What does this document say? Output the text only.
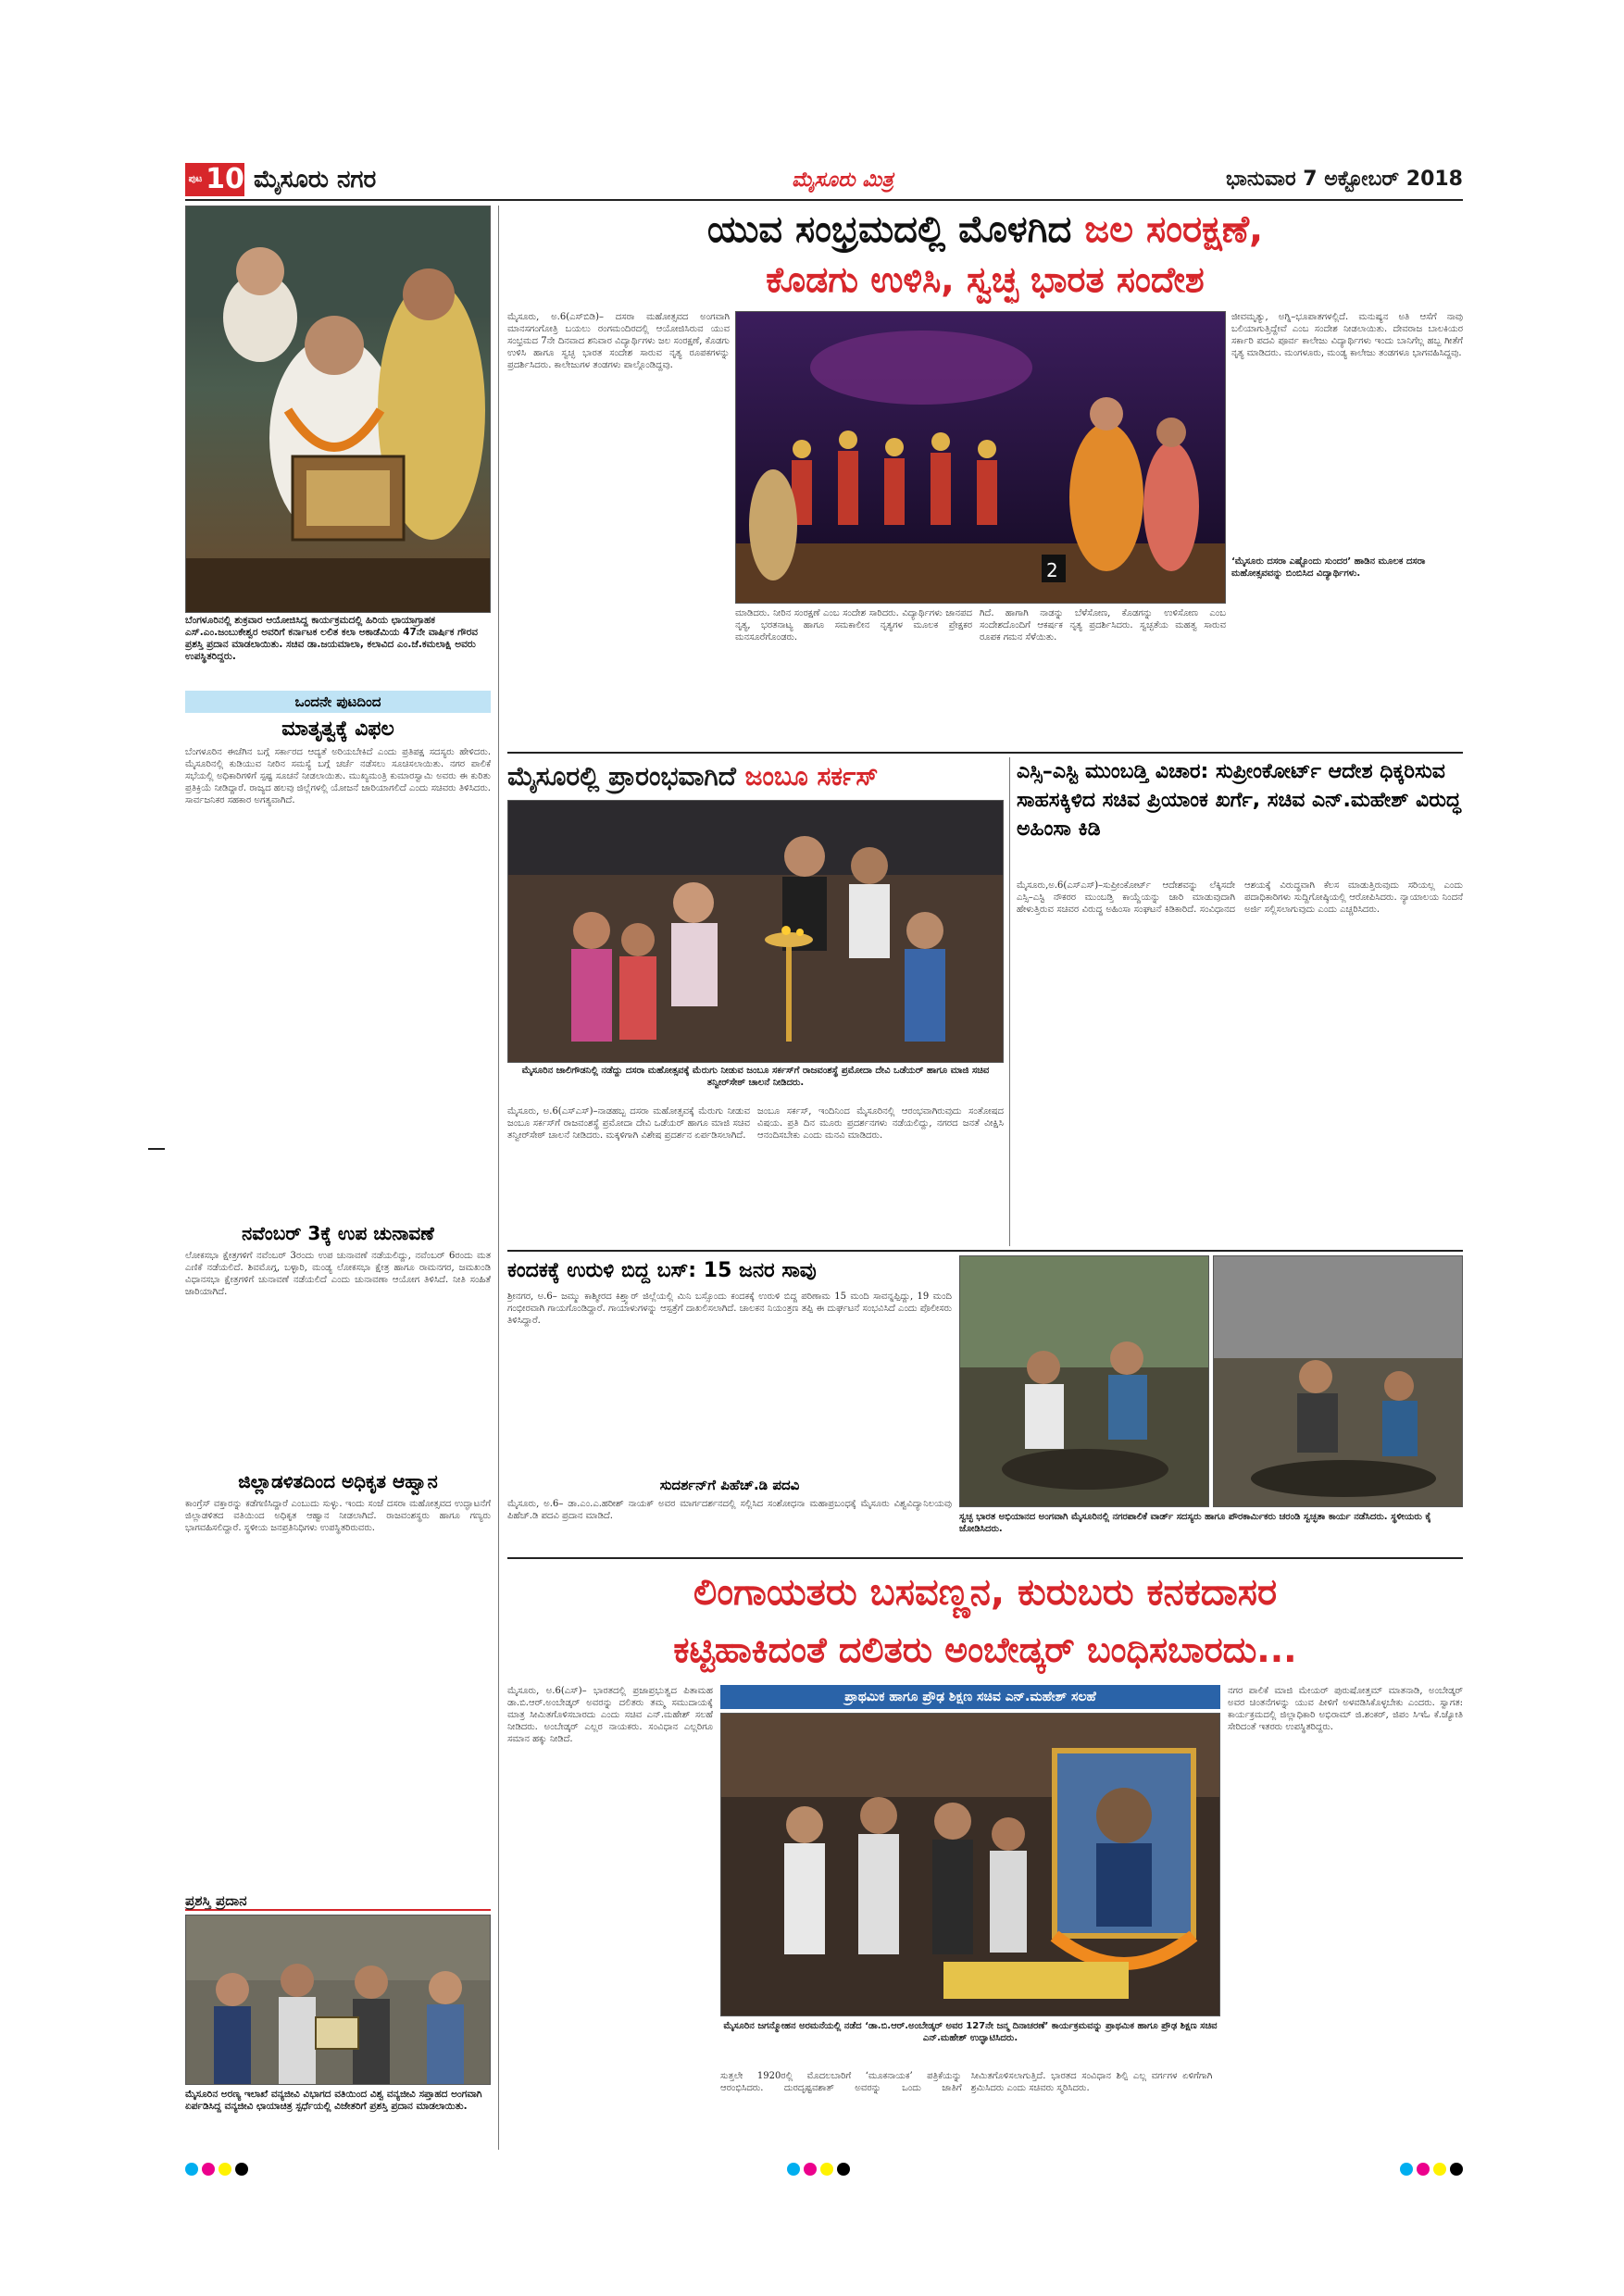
ಪುಟ 10 ಮೈಸೂರು ನಗರ	ಮೈಸೂರು ಮಿತ್ರ	ಭಾನುವಾರ 7 ಅಕ್ಟೋಬರ್ 2018
ಬೆಂಗಳೂರಿನಲ್ಲಿ ಶುಕ್ರವಾರ ಆಯೋಜಿಸಿದ್ದ ಕಾರ್ಯಕ್ರಮದಲ್ಲಿ ಹಿರಿಯ ಛಾಯಾಗ್ರಾಹಕ ಎಸ್.ಎಂ.ಜಂಬುಕೇಶ್ವರ ಅವರಿಗೆ ಕರ್ನಾಟಕ ಲಲಿತ ಕಲಾ ಅಕಾಡೆಮಿಯ 47ನೇ ವಾರ್ಷಿಕ ಗೌರವ ಪ್ರಶಸ್ತಿ ಪ್ರದಾನ ಮಾಡಲಾಯಿತು. ಸಚಿವ ಡಾ.ಜಯಮಾಲಾ, ಕಲಾವಿದ ಎಂ.ಜೆ.ಕಮಲಾಕ್ಷಿ ಅವರು ಉಪಸ್ಥಿತರಿದ್ದರು.
ಒಂದನೇ ಪುಟದಿಂದ
ಮಾತೃತ್ವಕ್ಕೆ ವಿಫಲ
ಬೆಂಗಳೂರಿನ ಈಚೆಗಿನ ಬಗ್ಗೆ ಸರ್ಕಾರದ ಆದ್ಯತೆ ಅರಿಯಬೇಕಿದೆ ಎಂದು ಪ್ರತಿಪಕ್ಷ ಸದಸ್ಯರು ಹೇಳಿದರು. ಮೈಸೂರಿನಲ್ಲಿ ಕುಡಿಯುವ ನೀರಿನ ಸಮಸ್ಯೆ ಬಗ್ಗೆ ಚರ್ಚೆ ನಡೆಸಲು ಸೂಚಿಸಲಾಯಿತು. ನಗರ ಪಾಲಿಕೆ ಸಭೆಯಲ್ಲಿ ಅಧಿಕಾರಿಗಳಿಗೆ ಸ್ಪಷ್ಟ ಸೂಚನೆ ನೀಡಲಾಯಿತು. ಮುಖ್ಯಮಂತ್ರಿ ಕುಮಾರಸ್ವಾಮಿ ಅವರು ಈ ಕುರಿತು ಪ್ರತಿಕ್ರಿಯೆ ನೀಡಿದ್ದಾರೆ. ರಾಜ್ಯದ ಹಲವು ಜಿಲ್ಲೆಗಳಲ್ಲಿ ಯೋಜನೆ ಜಾರಿಯಾಗಲಿದೆ ಎಂದು ಸಚಿವರು ತಿಳಿಸಿದರು. ಸಾರ್ವಜನಿಕರ ಸಹಕಾರ ಅಗತ್ಯವಾಗಿದೆ.
ನವೆಂಬರ್ 3ಕ್ಕೆ ಉಪ ಚುನಾವಣೆ
ಲೋಕಸಭಾ ಕ್ಷೇತ್ರಗಳಿಗೆ ನವೆಂಬರ್ 3ರಂದು ಉಪ ಚುನಾವಣೆ ನಡೆಯಲಿದ್ದು, ನವೆಂಬರ್ 6ರಂದು ಮತ ಎಣಿಕೆ ನಡೆಯಲಿದೆ. ಶಿವಮೊಗ್ಗ, ಬಳ್ಳಾರಿ, ಮಂಡ್ಯ ಲೋಕಸಭಾ ಕ್ಷೇತ್ರ ಹಾಗೂ ರಾಮನಗರ, ಜಮಖಂಡಿ ವಿಧಾನಸಭಾ ಕ್ಷೇತ್ರಗಳಿಗೆ ಚುನಾವಣೆ ನಡೆಯಲಿದೆ ಎಂದು ಚುನಾವಣಾ ಆಯೋಗ ತಿಳಿಸಿದೆ. ನೀತಿ ಸಂಹಿತೆ ಜಾರಿಯಾಗಿದೆ.
ಜಿಲ್ಲಾಡಳಿತದಿಂದ ಅಧಿಕೃತ ಆಹ್ವಾನ
ಕಾಂಗ್ರೆಸ್ ವಕ್ತಾರನ್ನು ಕಡೆಗಣಿಸಿದ್ದಾರೆ ಎಂಬುದು ಸುಳ್ಳು. ಇಂದು ಸಂಜೆ ದಸರಾ ಮಹೋತ್ಸವದ ಉದ್ಘಾಟನೆಗೆ ಜಿಲ್ಲಾಡಳಿತದ ವತಿಯಿಂದ ಅಧಿಕೃತ ಆಹ್ವಾನ ನೀಡಲಾಗಿದೆ. ರಾಜವಂಶಸ್ಥರು ಹಾಗೂ ಗಣ್ಯರು ಭಾಗವಹಿಸಲಿದ್ದಾರೆ. ಸ್ಥಳೀಯ ಜನಪ್ರತಿನಿಧಿಗಳು ಉಪಸ್ಥಿತರಿರುವರು.
ಪ್ರಶಸ್ತಿ ಪ್ರದಾನ
ಮೈಸೂರಿನ ಅರಣ್ಯ ಇಲಾಖೆ ವನ್ಯಜೀವಿ ವಿಭಾಗದ ವತಿಯಿಂದ ವಿಶ್ವ ವನ್ಯಜೀವಿ ಸಪ್ತಾಹದ ಅಂಗವಾಗಿ ಏರ್ಪಡಿಸಿದ್ದ ವನ್ಯಜೀವಿ ಛಾಯಾಚಿತ್ರ ಸ್ಪರ್ಧೆಯಲ್ಲಿ ವಿಜೇತರಿಗೆ ಪ್ರಶಸ್ತಿ ಪ್ರದಾನ ಮಾಡಲಾಯಿತು.
ಯುವ ಸಂಭ್ರಮದಲ್ಲಿ ಮೊಳಗಿದ ಜಲ ಸಂರಕ್ಷಣೆ,
ಕೊಡಗು ಉಳಿಸಿ, ಸ್ವಚ್ಛ ಭಾರತ ಸಂದೇಶ
ಮೈಸೂರು, ಅ.6(ಎಸ್‌ಬಿಡಿ)– ದಸರಾ ಮಹೋತ್ಸವದ ಅಂಗವಾಗಿ ಮಾನಸಗಂಗೋತ್ರಿ ಬಯಲು ರಂಗಮಂದಿರದಲ್ಲಿ ಆಯೋಜಿಸಿರುವ ಯುವ ಸಂಭ್ರಮದ 7ನೇ ದಿನವಾದ ಶನಿವಾರ ವಿದ್ಯಾರ್ಥಿಗಳು ಜಲ ಸಂರಕ್ಷಣೆ, ಕೊಡಗು ಉಳಿಸಿ ಹಾಗೂ ಸ್ವಚ್ಛ ಭಾರತ ಸಂದೇಶ ಸಾರುವ ನೃತ್ಯ ರೂಪಕಗಳನ್ನು ಪ್ರದರ್ಶಿಸಿದರು. ಕಾಲೇಜುಗಳ ತಂಡಗಳು ಪಾಲ್ಗೊಂಡಿದ್ದವು.
2
ಮಾಡಿದರು. ನೀರಿನ ಸಂರಕ್ಷಣೆ ಎಂಬ ಸಂದೇಶ ಸಾರಿದರು. ವಿದ್ಯಾರ್ಥಿಗಳು ಜಾನಪದ ನೃತ್ಯ, ಭರತನಾಟ್ಯ ಹಾಗೂ ಸಮಕಾಲೀನ ನೃತ್ಯಗಳ ಮೂಲಕ ಪ್ರೇಕ್ಷಕರ ಮನಸೂರೆಗೊಂಡರು.
ಗಿದೆ. ಹಾಗಾಗಿ ನಾಡನ್ನು ಬೆಳೆಸೋಣ, ಕೊಡಗನ್ನು ಉಳಿಸೋಣ ಎಂಬ ಸಂದೇಶದೊಂದಿಗೆ ಆಕರ್ಷಕ ನೃತ್ಯ ಪ್ರದರ್ಶಿಸಿದರು. ಸ್ವಚ್ಛತೆಯ ಮಹತ್ವ ಸಾರುವ ರೂಪಕ ಗಮನ ಸೆಳೆಯಿತು.
‘ಮೈಸೂರು ದಸರಾ ಎಷ್ಟೊಂದು ಸುಂದರ’ ಹಾಡಿನ ಮೂಲಕ ದಸರಾ ಮಹೋತ್ಸವವನ್ನು ಬಿಂಬಿಸಿದ ವಿದ್ಯಾರ್ಥಿಗಳು.
ಜೀವಮೃತ್ಯು, ಅಗ್ನಿ–ಭೂಪಾತಗಳಲ್ಲಿದೆ. ಮನುಷ್ಯನ ಅತಿ ಆಸೆಗೆ ನಾವು ಬಲಿಯಾಗುತ್ತಿದ್ದೇವೆ ಎಂಬ ಸಂದೇಶ ನೀಡಲಾಯಿತು. ದೇವರಾಜ ಬಾಲಕಿಯರ ಸರ್ಕಾರಿ ಪದವಿ ಪೂರ್ವ ಕಾಲೇಜು ವಿದ್ಯಾರ್ಥಿಗಳು ಇಂದು ಬಾನಿಗೆಲ್ಲ ಹಬ್ಬ ಗೀತೆಗೆ ನೃತ್ಯ ಮಾಡಿದರು. ಮಂಗಳೂರು, ಮಂಡ್ಯ ಕಾಲೇಜು ತಂಡಗಳೂ ಭಾಗವಹಿಸಿದ್ದವು.
ಮೈಸೂರಲ್ಲಿ ಪ್ರಾರಂಭವಾಗಿದೆ ಜಂಬೂ ಸರ್ಕಸ್
ಮೈಸೂರಿನ ಜಾಲಿಗೌಡನಿಲ್ಲಿ ನಡೆದ್ದು ದಸರಾ ಮಹೋತ್ಸವಕ್ಕೆ ಮೆರುಗು ನೀಡುವ ಜಂಬೂ ಸರ್ಕಸ್‌ಗೆ ರಾಜವಂಶಸ್ಥೆ ಪ್ರಮೋದಾ ದೇವಿ ಒಡೆಯರ್ ಹಾಗೂ ಮಾಜಿ ಸಚಿವ ತನ್ವೀರ್‌ಸೇಠ್ ಚಾಲನೆ ನೀಡಿದರು.
ಮೈಸೂರು, ಅ.6(ಎಸ್‌ಎಸ್‌)–ನಾಡಹಬ್ಬ ದಸರಾ ಮಹೋತ್ಸವಕ್ಕೆ ಮೆರುಗು ನೀಡುವ ಜಂಬೂ ಸರ್ಕಸ್‌ಗೆ ರಾಜವಂಶಸ್ಥೆ ಪ್ರಮೋದಾ ದೇವಿ ಒಡೆಯರ್ ಹಾಗೂ ಮಾಜಿ ಸಚಿವ ತನ್ವೀರ್‌ಸೇಠ್ ಚಾಲನೆ ನೀಡಿದರು. ಮಕ್ಕಳಿಗಾಗಿ ವಿಶೇಷ ಪ್ರದರ್ಶನ ಏರ್ಪಡಿಸಲಾಗಿದೆ.
ಜಂಬೂ ಸರ್ಕಸ್, ಇಂದಿನಿಂದ ಮೈಸೂರಿನಲ್ಲಿ ಆರಂಭವಾಗಿರುವುದು ಸಂತೋಷದ ವಿಷಯ. ಪ್ರತಿ ದಿನ ಮೂರು ಪ್ರದರ್ಶನಗಳು ನಡೆಯಲಿದ್ದು, ನಗರದ ಜನತೆ ವೀಕ್ಷಿಸಿ ಆನಂದಿಸಬೇಕು ಎಂದು ಮನವಿ ಮಾಡಿದರು.
ಎಸ್ಸಿ–ಎಸ್ಟಿ ಮುಂಬಡ್ತಿ ವಿಚಾರ: ಸುಪ್ರೀಂಕೋರ್ಟ್ ಆದೇಶ ಧಿಕ್ಕರಿಸುವ ಸಾಹಸಕ್ಕಿಳಿದ ಸಚಿವ ಪ್ರಿಯಾಂಕ ಖರ್ಗೆ, ಸಚಿವ ಎನ್.ಮಹೇಶ್ ವಿರುದ್ಧ ಅಹಿಂಸಾ ಕಿಡಿ
ಮೈಸೂರು,ಅ.6(ಎಸ್‌ಎಸ್)–ಸುಪ್ರೀಂಕೋರ್ಟ್ ಆದೇಶವನ್ನು ಲೆಕ್ಕಿಸದೇ ಎಸ್ಸಿ–ಎಸ್ಟಿ ನೌಕರರ ಮುಂಬಡ್ತಿ ಕಾಯ್ದೆಯನ್ನು ಜಾರಿ ಮಾಡುವುದಾಗಿ ಹೇಳುತ್ತಿರುವ ಸಚಿವರ ವಿರುದ್ಧ ಅಹಿಂಸಾ ಸಂಘಟನೆ ಕಿಡಿಕಾರಿದೆ. ಸಂವಿಧಾನದ ಆಶಯಕ್ಕೆ ವಿರುದ್ಧವಾಗಿ ಕೆಲಸ ಮಾಡುತ್ತಿರುವುದು ಸರಿಯಲ್ಲ ಎಂದು ಪದಾಧಿಕಾರಿಗಳು ಸುದ್ದಿಗೋಷ್ಠಿಯಲ್ಲಿ ಆರೋಪಿಸಿದರು. ನ್ಯಾಯಾಲಯ ನಿಂದನೆ ಅರ್ಜಿ ಸಲ್ಲಿಸಲಾಗುವುದು ಎಂದು ಎಚ್ಚರಿಸಿದರು.
ಕಂದಕಕ್ಕೆ ಉರುಳಿ ಬಿದ್ದ ಬಸ್: 15 ಜನರ ಸಾವು
ಶ್ರೀನಗರ, ಅ.6– ಜಮ್ಮು ಕಾಶ್ಮೀರದ ಕಿಶ್ತ್ವಾರ್ ಜಿಲ್ಲೆಯಲ್ಲಿ ಮಿನಿ ಬಸ್ಸೊಂದು ಕಂದಕಕ್ಕೆ ಉರುಳಿ ಬಿದ್ದ ಪರಿಣಾಮ 15 ಮಂದಿ ಸಾವನ್ನಪ್ಪಿದ್ದು, 19 ಮಂದಿ ಗಂಭೀರವಾಗಿ ಗಾಯಗೊಂಡಿದ್ದಾರೆ. ಗಾಯಾಳುಗಳನ್ನು ಆಸ್ಪತ್ರೆಗೆ ದಾಖಲಿಸಲಾಗಿದೆ. ಚಾಲಕನ ನಿಯಂತ್ರಣ ತಪ್ಪಿ ಈ ದುರ್ಘಟನೆ ಸಂಭವಿಸಿದೆ ಎಂದು ಪೊಲೀಸರು ತಿಳಿಸಿದ್ದಾರೆ.
ಸುದರ್ಶನ್‌ಗೆ ಪಿಹೆಚ್‌.ಡಿ ಪದವಿ
ಮೈಸೂರು, ಅ.6– ಡಾ.ಎಂ.ಎ.ಹರೀಶ್ ನಾಯಕ್ ಅವರ ಮಾರ್ಗದರ್ಶನದಲ್ಲಿ ಸಲ್ಲಿಸಿದ ಸಂಶೋಧನಾ ಮಹಾಪ್ರಬಂಧಕ್ಕೆ ಮೈಸೂರು ವಿಶ್ವವಿದ್ಯಾನಿಲಯವು ಪಿಹೆಚ್‌.ಡಿ ಪದವಿ ಪ್ರದಾನ ಮಾಡಿದೆ.	ಸ್ವಚ್ಛ ಭಾರತ ಅಭಿಯಾನದ ಅಂಗವಾಗಿ ಮೈಸೂರಿನಲ್ಲಿ ನಗರಪಾಲಿಕೆ ವಾರ್ಡ್ ಸದಸ್ಯರು ಹಾಗೂ ಪೌರಕಾರ್ಮಿಕರು ಚರಂಡಿ ಸ್ವಚ್ಛತಾ ಕಾರ್ಯ ನಡೆಸಿದರು. ಸ್ಥಳೀಯರು ಕೈ ಜೋಡಿಸಿದರು.
ಲಿಂಗಾಯತರು ಬಸವಣ್ಣನ, ಕುರುಬರು ಕನಕದಾಸರ
ಕಟ್ಟಿಹಾಕಿದಂತೆ ದಲಿತರು ಅಂಬೇಡ್ಕರ್ ಬಂಧಿಸಬಾರದು...
ಮೈಸೂರು, ಅ.6(ಎಸ್‌)– ಭಾರತದಲ್ಲಿ ಪ್ರಜಾಪ್ರಭುತ್ವದ ಪಿತಾಮಹ ಡಾ.ಬಿ.ಆರ್.ಅಂಬೇಡ್ಕರ್ ಅವರನ್ನು ದಲಿತರು ತಮ್ಮ ಸಮುದಾಯಕ್ಕೆ ಮಾತ್ರ ಸೀಮಿತಗೊಳಿಸಬಾರದು ಎಂದು ಸಚಿವ ಎನ್.ಮಹೇಶ್ ಸಲಹೆ ನೀಡಿದರು. ಅಂಬೇಡ್ಕರ್ ಎಲ್ಲರ ನಾಯಕರು. ಸಂವಿಧಾನ ಎಲ್ಲರಿಗೂ ಸಮಾನ ಹಕ್ಕು ನೀಡಿದೆ.
ಪ್ರಾಥಮಿಕ ಹಾಗೂ ಪ್ರೌಢ ಶಿಕ್ಷಣ ಸಚಿವ ಎನ್.ಮಹೇಶ್ ಸಲಹೆ
ಮೈಸೂರಿನ ಜಗನ್ಮೋಹನ ಅರಮನೆಯಲ್ಲಿ ನಡೆದ ‘ಡಾ.ಬಿ.ಆರ್.ಅಂಬೇಡ್ಕರ್ ಅವರ 127ನೇ ಜನ್ಮ ದಿನಾಚರಣೆ’ ಕಾರ್ಯಕ್ರಮವನ್ನು ಪ್ರಾಥಮಿಕ ಹಾಗೂ ಪ್ರೌಢ ಶಿಕ್ಷಣ ಸಚಿವ ಎನ್.ಮಹೇಶ್ ಉದ್ಘಾಟಿಸಿದರು.
ನಗರ ಪಾಲಿಕೆ ಮಾಜಿ ಮೇಯರ್ ಪುರುಷೋತ್ತಮ್ ಮಾತನಾಡಿ, ಅಂಬೇಡ್ಕರ್ ಅವರ ಚಿಂತನೆಗಳನ್ನು ಯುವ ಪೀಳಿಗೆ ಅಳವಡಿಸಿಕೊಳ್ಳಬೇಕು ಎಂದರು. ಸ್ವಾಗತ: ಕಾರ್ಯಕ್ರಮದಲ್ಲಿ ಜಿಲ್ಲಾಧಿಕಾರಿ ಅಭಿರಾಮ್ ಜಿ.ಶಂಕರ್, ಜಿಪಂ ಸಿಇಓ ಕೆ.ಜ್ಯೋತಿ ಸೇರಿದಂತೆ ಇತರರು ಉಪಸ್ಥಿತರಿದ್ದರು.
ಸುತ್ತಲೇ 1920ರಲ್ಲಿ ಮೊದಲಬಾರಿಗೆ ‘ಮೂಕನಾಯಕ’ ಪತ್ರಿಕೆಯನ್ನು ಆರಂಭಿಸಿದರು. ದುರದೃಷ್ಟವಶಾತ್ ಅವರನ್ನು ಒಂದು ಜಾತಿಗೆ ಸೀಮಿತಗೊಳಿಸಲಾಗುತ್ತಿದೆ. ಭಾರತದ ಸಂವಿಧಾನ ಶಿಲ್ಪಿ ಎಲ್ಲ ವರ್ಗಗಳ ಏಳಿಗೆಗಾಗಿ ಶ್ರಮಿಸಿದರು ಎಂದು ಸಚಿವರು ಸ್ಮರಿಸಿದರು.
